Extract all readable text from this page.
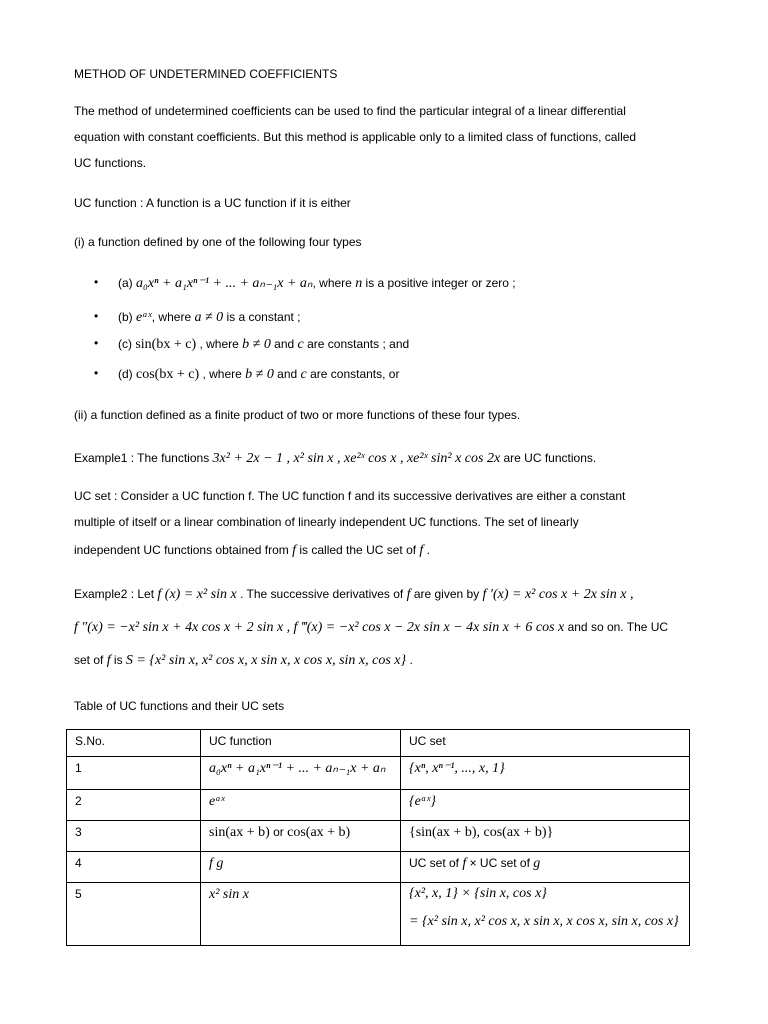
METHOD OF UNDETERMINED COEFFICIENTS
The method of undetermined coefficients can be used to find the particular integral of a linear differential
equation with constant coefficients. But this method is applicable only to a limited class of functions, called
UC functions.
UC function : A function is a UC function if it is either
(i) a function defined by one of the following four types
• (a) a₀xⁿ + a₁xⁿ⁻¹ + ... + aₙ₋₁x + aₙ, where n is a positive integer or zero ;
• (b) eᵃˣ, where a ≠ 0 is a constant ;
• (c) sin(bx + c) , where b ≠ 0 and c are constants ; and
• (d) cos(bx + c) , where b ≠ 0 and c are constants, or
(ii) a function defined as a finite product of two or more functions of these four types.
Example1 : The functions 3x² + 2x − 1 , x² sin x , xe²ˣ cos x , xe²ˣ sin² x cos 2x are UC functions.
UC set : Consider a UC function f. The UC function f and its successive derivatives are either a constant
multiple of itself or a linear combination of linearly independent UC functions. The set of linearly
independent UC functions obtained from f is called the UC set of f .
Example2 : Let f (x) = x² sin x . The successive derivatives of f are given by f ′(x) = x² cos x + 2x sin x ,
f ″(x) = −x² sin x + 4x cos x + 2 sin x , f ‴(x) = −x² cos x − 2x sin x − 4x sin x + 6 cos x and so on. The UC
set of f is S = {x² sin x, x² cos x, x sin x, x cos x, sin x, cos x} .
Table of UC functions and their UC sets
S.No.	UC function	UC set
1	a₀xⁿ + a₁xⁿ⁻¹ + ... + aₙ₋₁x + aₙ	{xⁿ, xⁿ⁻¹, ..., x, 1}
2	eᵃˣ	{eᵃˣ}
3	sin(ax + b) or cos(ax + b)	{sin(ax + b), cos(ax + b)}
4	f g	UC set of f × UC set of g
5	x² sin x	{x², x, 1} × {sin x, cos x}
= {x² sin x, x² cos x, x sin x, x cos x, sin x, cos x}
